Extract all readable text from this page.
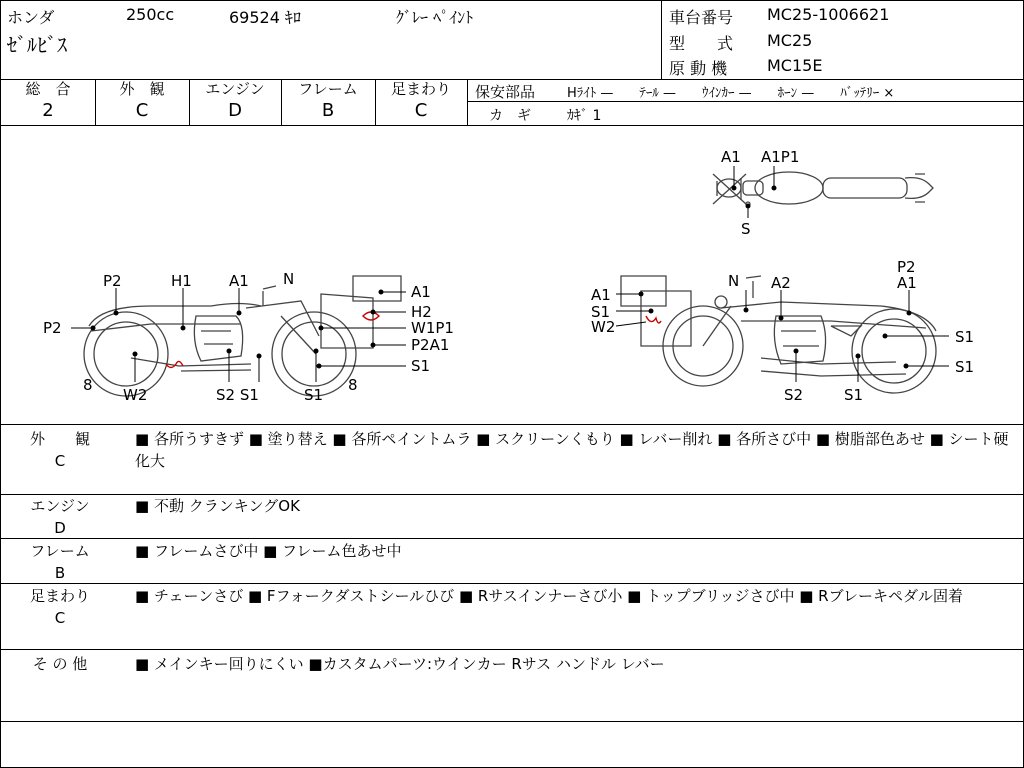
ホンダ	250cc	69524 ｷﾛ	ｸﾞﾚｰ ﾍﾟｲﾝﾄ
ｾﾞﾙﾋﾞｽ
車台番号 MC25-1006621
型　　式 MC25
原 動 機 MC15E
総　合
2
外　観
C
エンジン
D
フレーム
B
足まわり
C
保安部品 Hﾗｲﾄ —　　ﾃｰﾙ —　　ｳｲﾝｶｰ —　　ﾎｰﾝ —　　ﾊﾞｯﾃﾘｰ ×
カ　ギ	ｶｷﾞ 1
A1 A1P1
S
P2	H1 A1 N
P2
A1
H2
W1P1
P2A1
S1
8
W2	S2 S1	S1
8
N
A1
S1
W2
A2
P2
A1
S1
S1
S2	S1
外　　観
C
■ 各所うすきず ■ 塗り替え ■ 各所ペイントムラ ■ スクリーンくもり ■ レバー削れ ■ 各所さび中 ■ 樹脂部色あせ ■ シート硬化大
エンジン
D
■ 不動 クランキングOK
フレーム
B
■ フレームさび中 ■ フレーム色あせ中
足まわり
C
■ チェーンさび ■ Fフォークダストシールひび ■ Rサスインナーさび小 ■ トップブリッジさび中 ■ Rブレーキペダル固着
そ の 他	■ メインキー回りにくい ■カスタムパーツ:ウインカー Rサス ハンドル レバー
